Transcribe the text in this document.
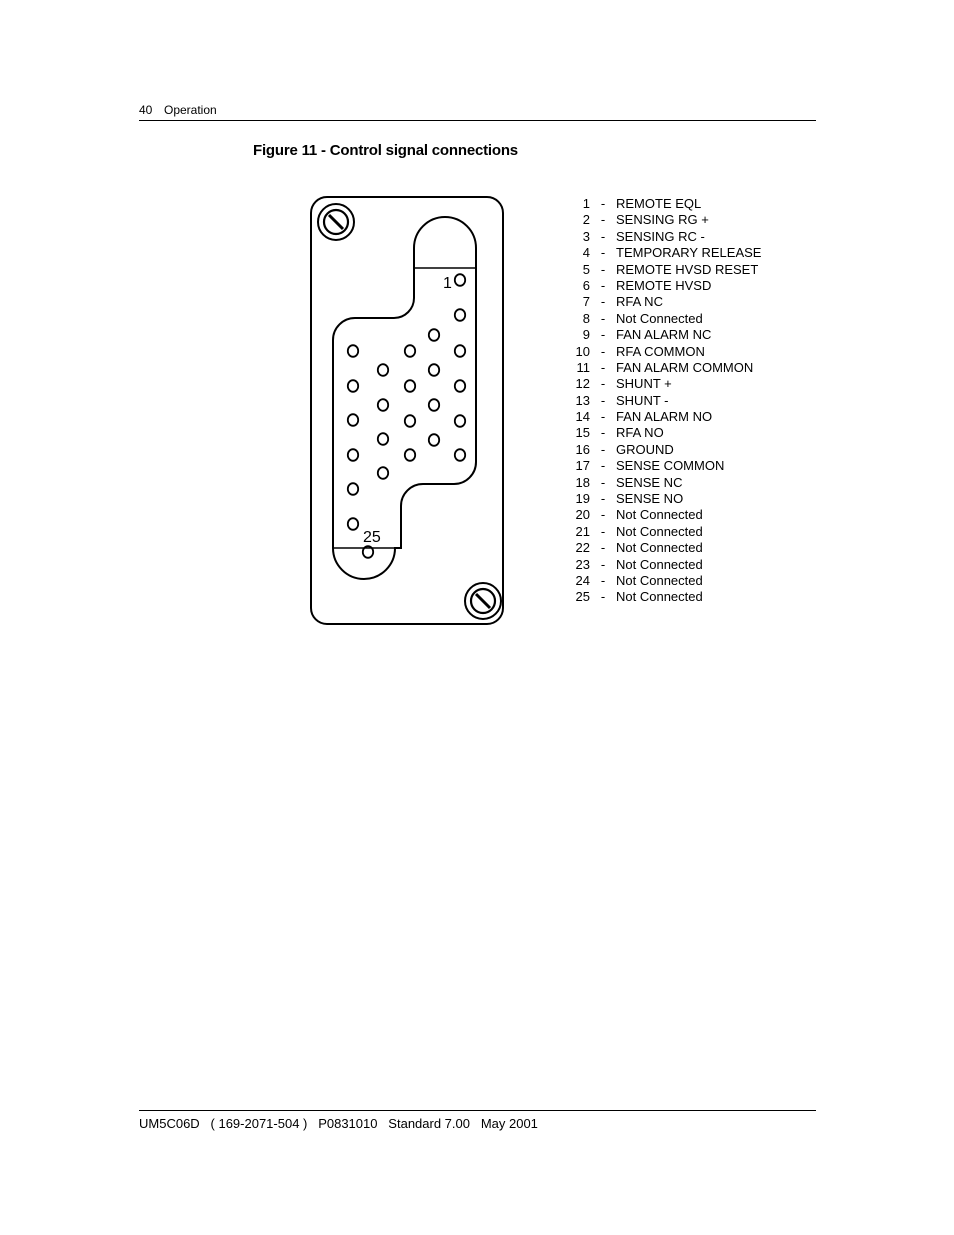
40 Operation
Figure 11 - Control signal connections
1
25
1 - REMOTE EQL
2 - SENSING RG +
3 - SENSING RC -
4 - TEMPORARY RELEASE
5 - REMOTE HVSD RESET
6 - REMOTE HVSD
7 - RFA NC
8 - Not Connected
9 - FAN ALARM NC
10 - RFA COMMON
11 - FAN ALARM COMMON
12 - SHUNT +
13 - SHUNT -
14 - FAN ALARM NO
15 - RFA NO
16 - GROUND
17 - SENSE COMMON
18 - SENSE NC
19 - SENSE NO
20 - Not Connected
21 - Not Connected
22 - Not Connected
23 - Not Connected
24 - Not Connected
25 - Not Connected
UM5C06D   ( 169-2071-504 )   P0831010   Standard 7.00   May 2001
